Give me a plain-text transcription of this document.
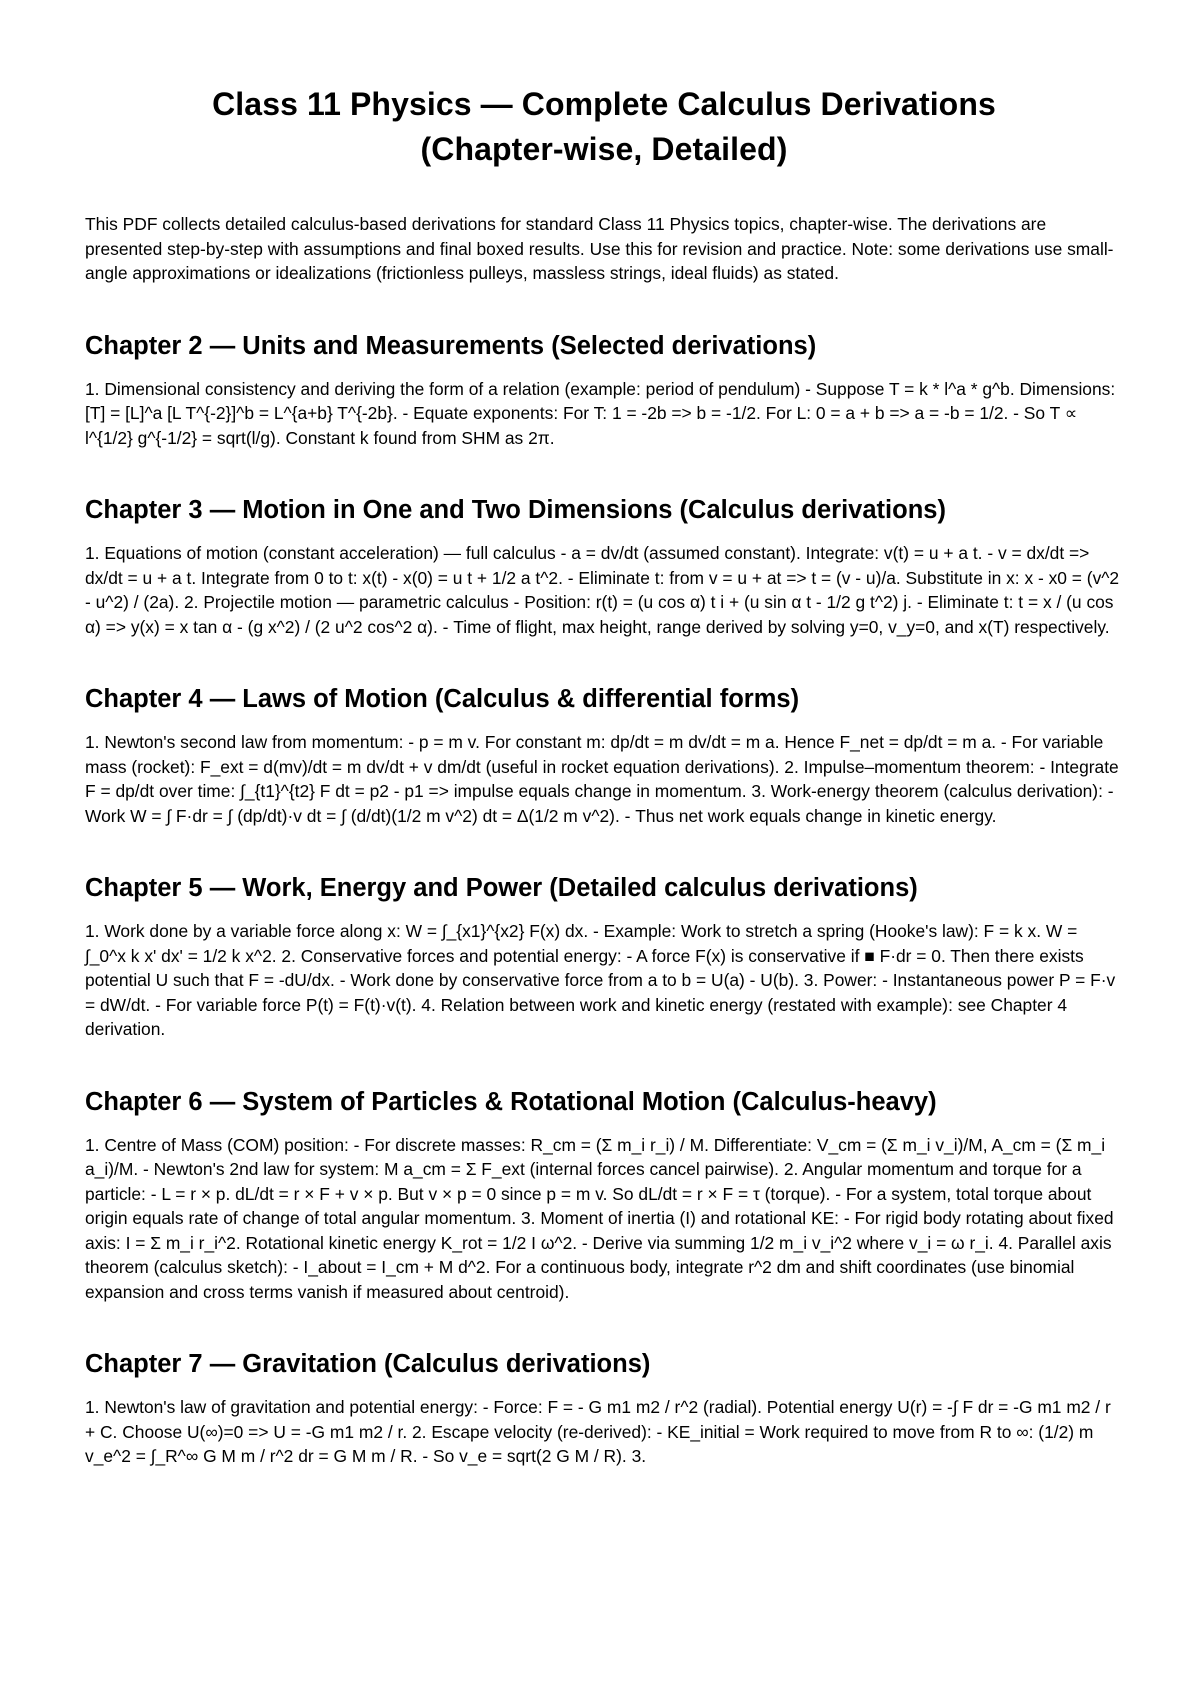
Class 11 Physics — Complete Calculus Derivations
(Chapter-wise, Detailed)

This PDF collects detailed calculus-based derivations for standard Class 11 Physics topics, chapter-wise. The derivations are presented step-by-step with assumptions and final boxed results. Use this for revision and practice. Note: some derivations use small-angle approximations or idealizations (frictionless pulleys, massless strings, ideal fluids) as stated.

Chapter 2 — Units and Measurements (Selected derivations)

1. Dimensional consistency and deriving the form of a relation (example: period of pendulum) - Suppose T = k * l^a * g^b. Dimensions: [T] = [L]^a [L T^{-2}]^b = L^{a+b} T^{-2b}. - Equate exponents: For T: 1 = -2b => b = -1/2. For L: 0 = a + b => a = -b = 1/2. - So T ∝ l^{1/2} g^{-1/2} = sqrt(l/g). Constant k found from SHM as 2π.

Chapter 3 — Motion in One and Two Dimensions (Calculus derivations)

1. Equations of motion (constant acceleration) — full calculus - a = dv/dt (assumed constant). Integrate: v(t) = u + a t. - v = dx/dt => dx/dt = u + a t. Integrate from 0 to t: x(t) - x(0) = u t + 1/2 a t^2. - Eliminate t: from v = u + at => t = (v - u)/a. Substitute in x: x - x0 = (v^2 - u^2) / (2a). 2. Projectile motion — parametric calculus - Position: r(t) = (u cos α) t i + (u sin α t - 1/2 g t^2) j. - Eliminate t: t = x / (u cos α) => y(x) = x tan α - (g x^2) / (2 u^2 cos^2 α). - Time of flight, max height, range derived by solving y=0, v_y=0, and x(T) respectively.

Chapter 4 — Laws of Motion (Calculus & differential forms)

1. Newton's second law from momentum: - p = m v. For constant m: dp/dt = m dv/dt = m a. Hence F_net = dp/dt = m a. - For variable mass (rocket): F_ext = d(mv)/dt = m dv/dt + v dm/dt (useful in rocket equation derivations). 2. Impulse–momentum theorem: - Integrate F = dp/dt over time: ∫_{t1}^{t2} F dt = p2 - p1 => impulse equals change in momentum. 3. Work-energy theorem (calculus derivation): - Work W = ∫ F·dr = ∫ (dp/dt)·v dt = ∫ (d/dt)(1/2 m v^2) dt = Δ(1/2 m v^2). - Thus net work equals change in kinetic energy.

Chapter 5 — Work, Energy and Power (Detailed calculus derivations)

1. Work done by a variable force along x: W = ∫_{x1}^{x2} F(x) dx. - Example: Work to stretch a spring (Hooke's law): F = k x. W = ∫_0^x k x' dx' = 1/2 k x^2. 2. Conservative forces and potential energy: - A force F(x) is conservative if ■ F·dr = 0. Then there exists potential U such that F = -dU/dx. - Work done by conservative force from a to b = U(a) - U(b). 3. Power: - Instantaneous power P = F·v = dW/dt. - For variable force P(t) = F(t)·v(t). 4. Relation between work and kinetic energy (restated with example): see Chapter 4 derivation.

Chapter 6 — System of Particles & Rotational Motion (Calculus-heavy)

1. Centre of Mass (COM) position: - For discrete masses: R_cm = (Σ m_i r_i) / M. Differentiate: V_cm = (Σ m_i v_i)/M, A_cm = (Σ m_i a_i)/M. - Newton's 2nd law for system: M a_cm = Σ F_ext (internal forces cancel pairwise). 2. Angular momentum and torque for a particle: - L = r × p. dL/dt = r × F + v × p. But v × p = 0 since p = m v. So dL/dt = r × F = τ (torque). - For a system, total torque about origin equals rate of change of total angular momentum. 3. Moment of inertia (I) and rotational KE: - For rigid body rotating about fixed axis: I = Σ m_i r_i^2. Rotational kinetic energy K_rot = 1/2 I ω^2. - Derive via summing 1/2 m_i v_i^2 where v_i = ω r_i. 4. Parallel axis theorem (calculus sketch): - I_about = I_cm + M d^2. For a continuous body, integrate r^2 dm and shift coordinates (use binomial expansion and cross terms vanish if measured about centroid).

Chapter 7 — Gravitation (Calculus derivations)

1. Newton's law of gravitation and potential energy: - Force: F = - G m1 m2 / r^2 (radial). Potential energy U(r) = -∫ F dr = -G m1 m2 / r + C. Choose U(∞)=0 => U = -G m1 m2 / r. 2. Escape velocity (re-derived): - KE_initial = Work required to move from R to ∞: (1/2) m v_e^2 = ∫_R^∞ G M m / r^2 dr = G M m / R. - So v_e = sqrt(2 G M / R). 3.
